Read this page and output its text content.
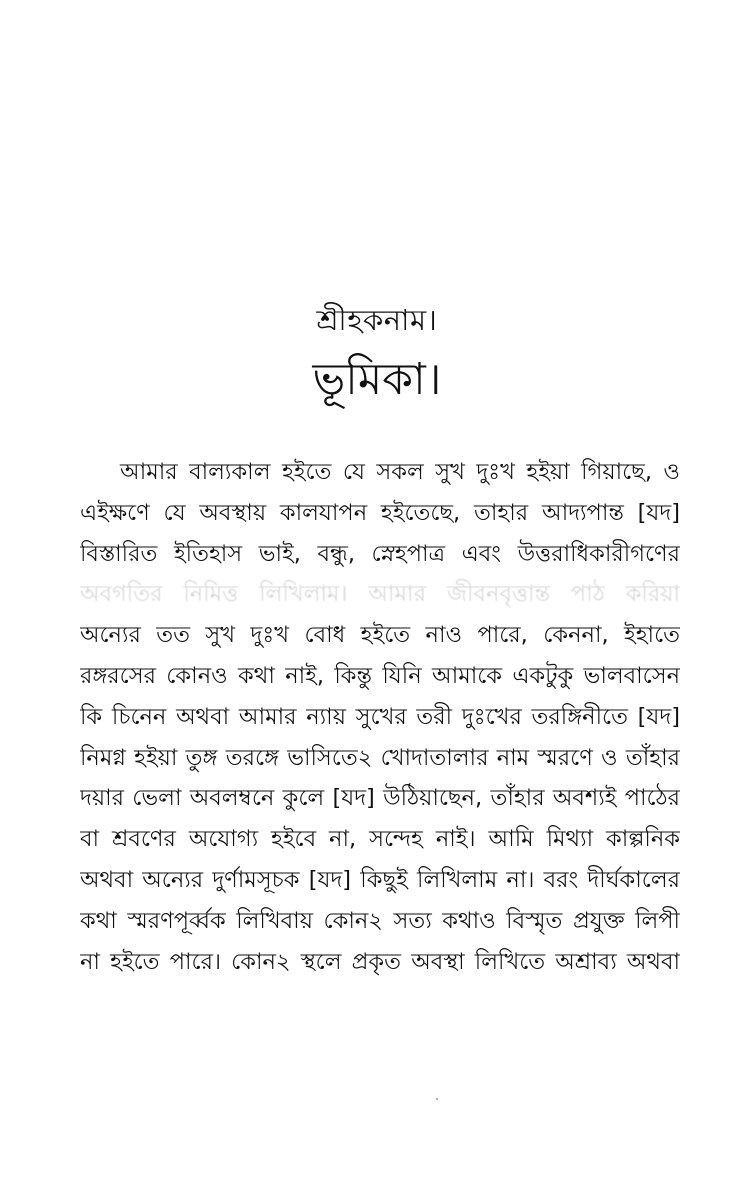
শ্রীহকনাম।
ভূমিকা।
আমার বাল্যকাল হইতে যে সকল সুখ দুঃখ হইয়া গিয়াছে, ও
এইক্ষণে যে অবস্থায় কালযাপন হইতেছে, তাহার আদ্যপান্ত [যদ]
বিস্তারিত ইতিহাস ভাই, বন্ধু, স্নেহপাত্র এবং উত্তরাধিকারীগণের
অবগতির নিমিত্ত লিখিলাম। আমার জীবনবৃত্তান্ত পাঠ করিয়া
অন্যের তত সুখ দুঃখ বোধ হইতে নাও পারে, কেননা, ইহাতে
রঙ্গরসের কোনও কথা নাই, কিন্তু যিনি আমাকে একটুকু ভালবাসেন
কি চিনেন অথবা আমার ন্যায় সুখের তরী দুঃখের তরঙ্গিনীতে [যদ]
নিমগ্ন হইয়া তুঙ্গ তরঙ্গে ভাসিতে২ খোদাতালার নাম স্মরণে ও তাঁহার
দয়ার ভেলা অবলম্বনে কুলে [যদ] উঠিয়াছেন, তাঁহার অবশ্যই পাঠের
বা শ্রবণের অযোগ্য হইবে না, সন্দেহ নাই। আমি মিথ্যা কাল্পনিক
অথবা অন্যের দুর্ণামসূচক [যদ] কিছুই লিখিলাম না। বরং দীর্ঘকালের
কথা স্মরণপূর্ব্বক লিখিবায় কোন২ সত্য কথাও বিস্মৃত প্রযুক্ত লিপী
না হইতে পারে। কোন২ স্থলে প্রকৃত অবস্থা লিখিতে অশ্রাব্য অথবা
